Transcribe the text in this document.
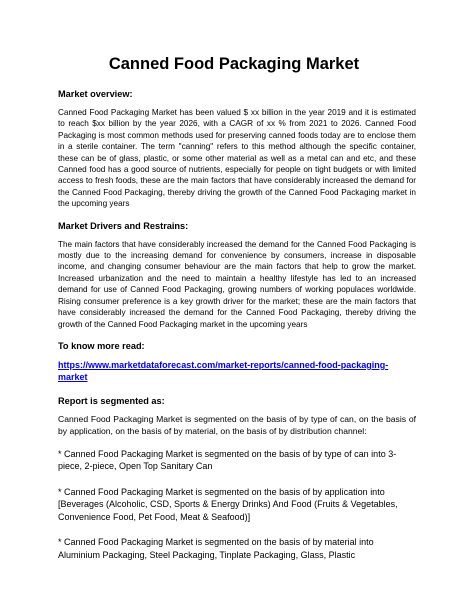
Canned Food Packaging Market
Market overview:

Canned Food Packaging Market has been valued $ xx billion in the year 2019 and it is estimated to reach $xx billion by the year 2026, with a CAGR of xx % from 2021 to 2026. Canned Food Packaging is most common methods used for preserving canned foods today are to enclose them in a sterile container. The term "canning" refers to this method although the specific container, these can be of glass, plastic, or some other material as well as a metal can and etc, and these Canned food has a good source of nutrients, especially for people on tight budgets or with limited access to fresh foods, these are the main factors that have considerably increased the demand for the Canned Food Packaging, thereby driving the growth of the Canned Food Packaging market in the upcoming years

Market Drivers and Restrains:

The main factors that have considerably increased the demand for the Canned Food Packaging is mostly due to the increasing demand for convenience by consumers, increase in disposable income, and changing consumer behaviour are the main factors that help to grow the market. Increased urbanization and the need to maintain a healthy lifestyle has led to an increased demand for use of Canned Food Packaging, growing numbers of working populaces worldwide. Rising consumer preference is a key growth driver for the market; these are the main factors that have considerably increased the demand for the Canned Food Packaging, thereby driving the growth of the Canned Food Packaging market in the upcoming years

To know more read:
https://www.marketdataforecast.com/market-reports/canned-food-packaging-market
Report is segmented as:

Canned Food Packaging Market is segmented on the basis of by type of can, on the basis of by application, on the basis of by material, on the basis of by distribution channel:

* Canned Food Packaging Market is segmented on the basis of by type of can into 3-piece, 2-piece, Open Top Sanitary Can

* Canned Food Packaging Market is segmented on the basis of by application into [Beverages (Alcoholic, CSD, Sports & Energy Drinks) And Food (Fruits & Vegetables, Convenience Food, Pet Food, Meat & Seafood)]

* Canned Food Packaging Market is segmented on the basis of by material into Aluminium Packaging, Steel Packaging, Tinplate Packaging, Glass, Plastic
